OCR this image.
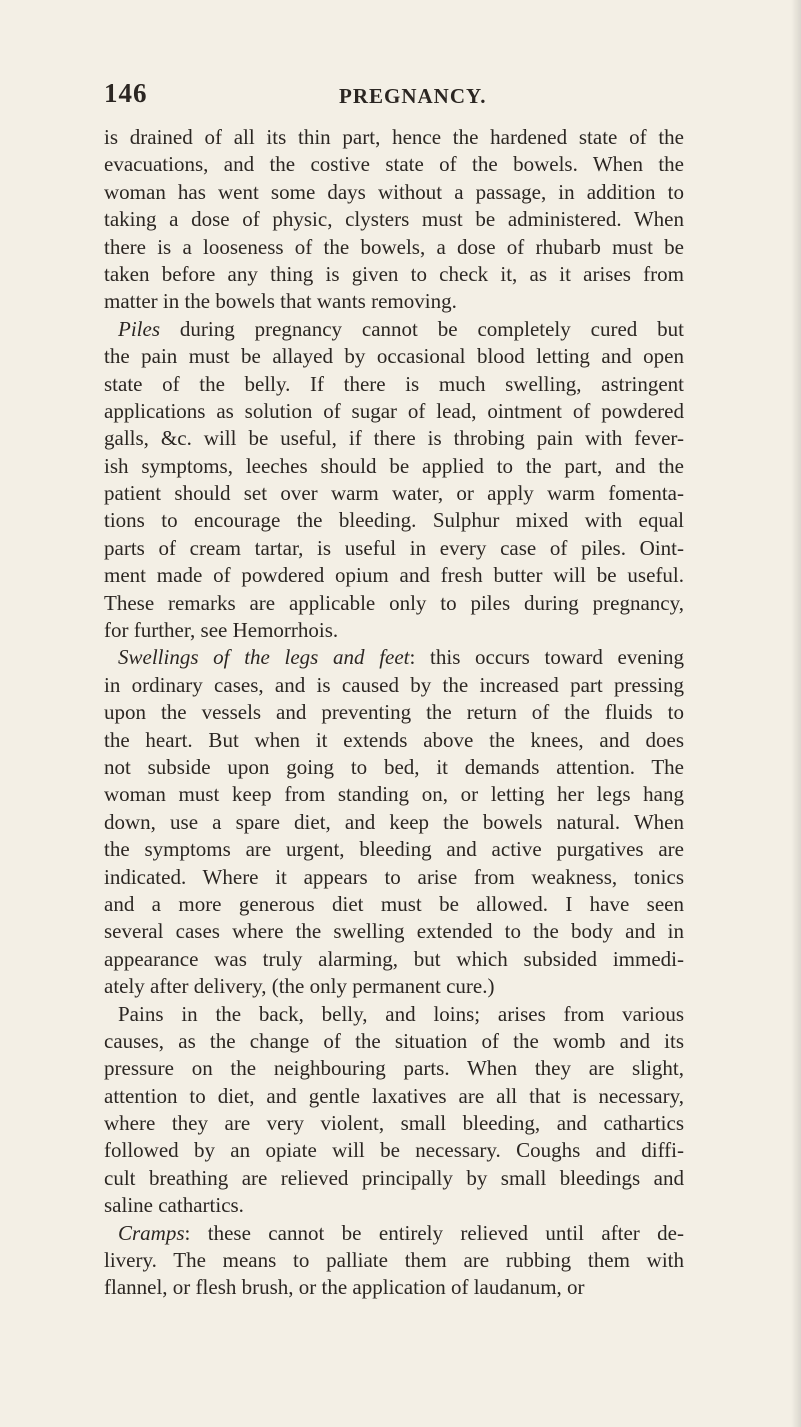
146	PREGNANCY.
is drained of all its thin part, hence the hardened state of the
evacuations, and the costive state of the bowels. When the
woman has went some days without a passage, in addition to
taking a dose of physic, clysters must be administered. When
there is a looseness of the bowels, a dose of rhubarb must be
taken before any thing is given to check it, as it arises from
matter in the bowels that wants removing.
Piles during pregnancy cannot be completely cured but
the pain must be allayed by occasional blood letting and open
state of the belly. If there is much swelling, astringent
applications as solution of sugar of lead, ointment of powdered
galls, &c. will be useful, if there is throbing pain with fever-
ish symptoms, leeches should be applied to the part, and the
patient should set over warm water, or apply warm fomenta-
tions to encourage the bleeding. Sulphur mixed with equal
parts of cream tartar, is useful in every case of piles. Oint-
ment made of powdered opium and fresh butter will be useful.
These remarks are applicable only to piles during pregnancy,
for further, see Hemorrhois.
Swellings of the legs and feet: this occurs toward evening
in ordinary cases, and is caused by the increased part pressing
upon the vessels and preventing the return of the fluids to
the heart. But when it extends above the knees, and does
not subside upon going to bed, it demands attention. The
woman must keep from standing on, or letting her legs hang
down, use a spare diet, and keep the bowels natural. When
the symptoms are urgent, bleeding and active purgatives are
indicated. Where it appears to arise from weakness, tonics
and a more generous diet must be allowed. I have seen
several cases where the swelling extended to the body and in
appearance was truly alarming, but which subsided immedi-
ately after delivery, (the only permanent cure.)
Pains in the back, belly, and loins; arises from various
causes, as the change of the situation of the womb and its
pressure on the neighbouring parts. When they are slight,
attention to diet, and gentle laxatives are all that is necessary,
where they are very violent, small bleeding, and cathartics
followed by an opiate will be necessary. Coughs and diffi-
cult breathing are relieved principally by small bleedings and
saline cathartics.
Cramps: these cannot be entirely relieved until after de-
livery. The means to palliate them are rubbing them with
flannel, or flesh brush, or the application of laudanum, or
